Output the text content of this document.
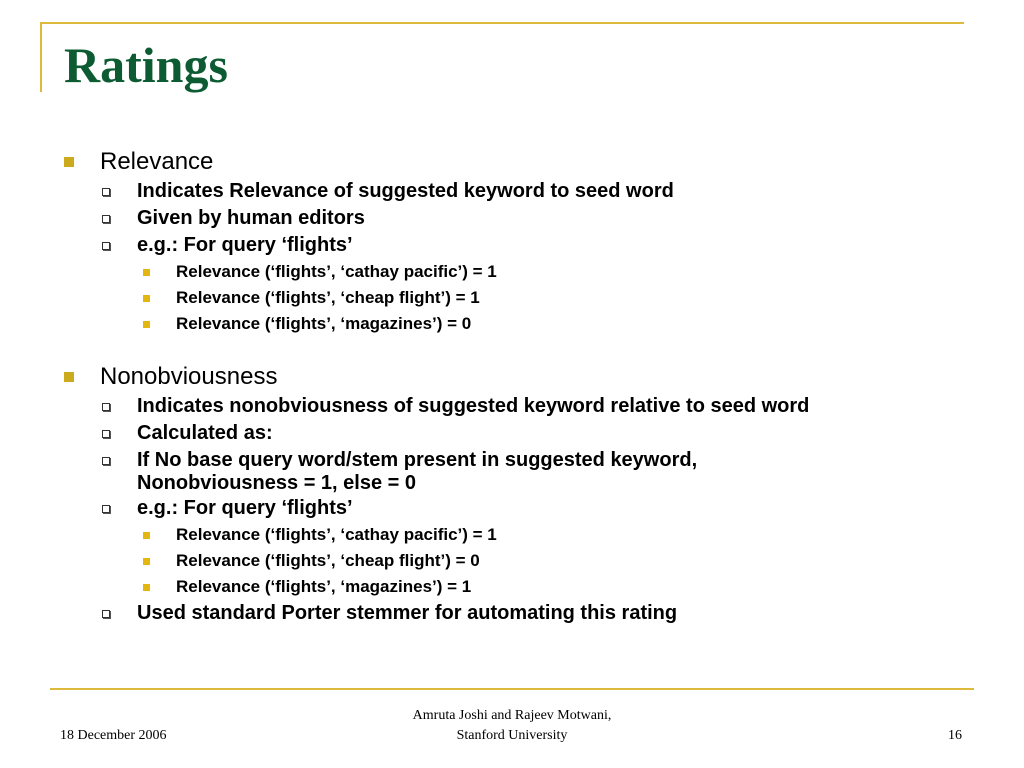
Ratings
Relevance
Indicates Relevance of suggested keyword to seed word
Given by human editors
e.g.: For query ‘flights’
Relevance (‘flights’, ‘cathay pacific’) = 1
Relevance (‘flights’, ‘cheap flight’) = 1
Relevance (‘flights’, ‘magazines’) = 0
Nonobviousness
Indicates nonobviousness of suggested keyword relative to seed word
Calculated as:
If No base query word/stem present in suggested keyword, Nonobviousness = 1, else = 0
e.g.: For query ‘flights’
Relevance (‘flights’, ‘cathay pacific’) = 1
Relevance (‘flights’, ‘cheap flight’) = 0
Relevance (‘flights’, ‘magazines’) = 1
Used standard Porter stemmer for automating this rating
18 December 2006
Amruta Joshi and Rajeev Motwani,
Stanford University	16
